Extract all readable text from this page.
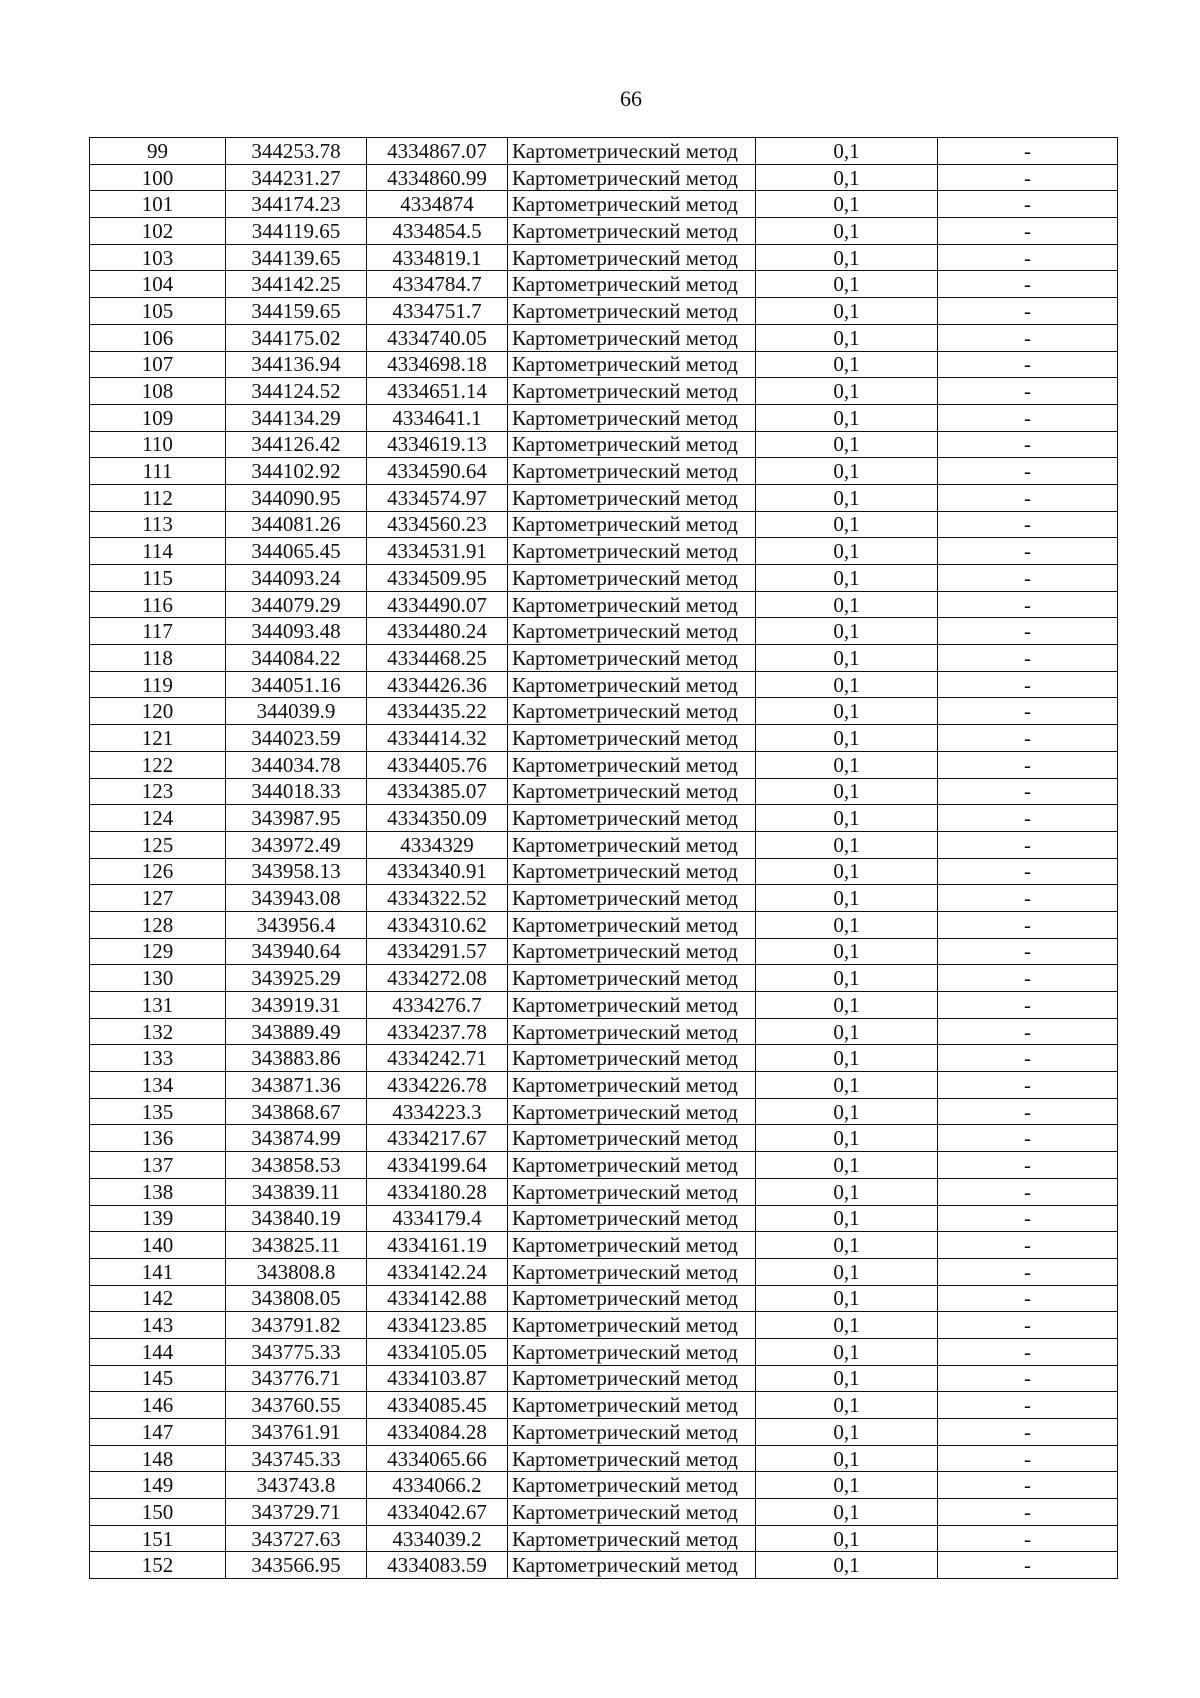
66
99	344253.78	4334867.07	Картометрический метод	0,1	-
100	344231.27	4334860.99	Картометрический метод	0,1	-
101	344174.23	4334874	Картометрический метод	0,1	-
102	344119.65	4334854.5	Картометрический метод	0,1	-
103	344139.65	4334819.1	Картометрический метод	0,1	-
104	344142.25	4334784.7	Картометрический метод	0,1	-
105	344159.65	4334751.7	Картометрический метод	0,1	-
106	344175.02	4334740.05	Картометрический метод	0,1	-
107	344136.94	4334698.18	Картометрический метод	0,1	-
108	344124.52	4334651.14	Картометрический метод	0,1	-
109	344134.29	4334641.1	Картометрический метод	0,1	-
110	344126.42	4334619.13	Картометрический метод	0,1	-
111	344102.92	4334590.64	Картометрический метод	0,1	-
112	344090.95	4334574.97	Картометрический метод	0,1	-
113	344081.26	4334560.23	Картометрический метод	0,1	-
114	344065.45	4334531.91	Картометрический метод	0,1	-
115	344093.24	4334509.95	Картометрический метод	0,1	-
116	344079.29	4334490.07	Картометрический метод	0,1	-
117	344093.48	4334480.24	Картометрический метод	0,1	-
118	344084.22	4334468.25	Картометрический метод	0,1	-
119	344051.16	4334426.36	Картометрический метод	0,1	-
120	344039.9	4334435.22	Картометрический метод	0,1	-
121	344023.59	4334414.32	Картометрический метод	0,1	-
122	344034.78	4334405.76	Картометрический метод	0,1	-
123	344018.33	4334385.07	Картометрический метод	0,1	-
124	343987.95	4334350.09	Картометрический метод	0,1	-
125	343972.49	4334329	Картометрический метод	0,1	-
126	343958.13	4334340.91	Картометрический метод	0,1	-
127	343943.08	4334322.52	Картометрический метод	0,1	-
128	343956.4	4334310.62	Картометрический метод	0,1	-
129	343940.64	4334291.57	Картометрический метод	0,1	-
130	343925.29	4334272.08	Картометрический метод	0,1	-
131	343919.31	4334276.7	Картометрический метод	0,1	-
132	343889.49	4334237.78	Картометрический метод	0,1	-
133	343883.86	4334242.71	Картометрический метод	0,1	-
134	343871.36	4334226.78	Картометрический метод	0,1	-
135	343868.67	4334223.3	Картометрический метод	0,1	-
136	343874.99	4334217.67	Картометрический метод	0,1	-
137	343858.53	4334199.64	Картометрический метод	0,1	-
138	343839.11	4334180.28	Картометрический метод	0,1	-
139	343840.19	4334179.4	Картометрический метод	0,1	-
140	343825.11	4334161.19	Картометрический метод	0,1	-
141	343808.8	4334142.24	Картометрический метод	0,1	-
142	343808.05	4334142.88	Картометрический метод	0,1	-
143	343791.82	4334123.85	Картометрический метод	0,1	-
144	343775.33	4334105.05	Картометрический метод	0,1	-
145	343776.71	4334103.87	Картометрический метод	0,1	-
146	343760.55	4334085.45	Картометрический метод	0,1	-
147	343761.91	4334084.28	Картометрический метод	0,1	-
148	343745.33	4334065.66	Картометрический метод	0,1	-
149	343743.8	4334066.2	Картометрический метод	0,1	-
150	343729.71	4334042.67	Картометрический метод	0,1	-
151	343727.63	4334039.2	Картометрический метод	0,1	-
152	343566.95	4334083.59	Картометрический метод	0,1	-
